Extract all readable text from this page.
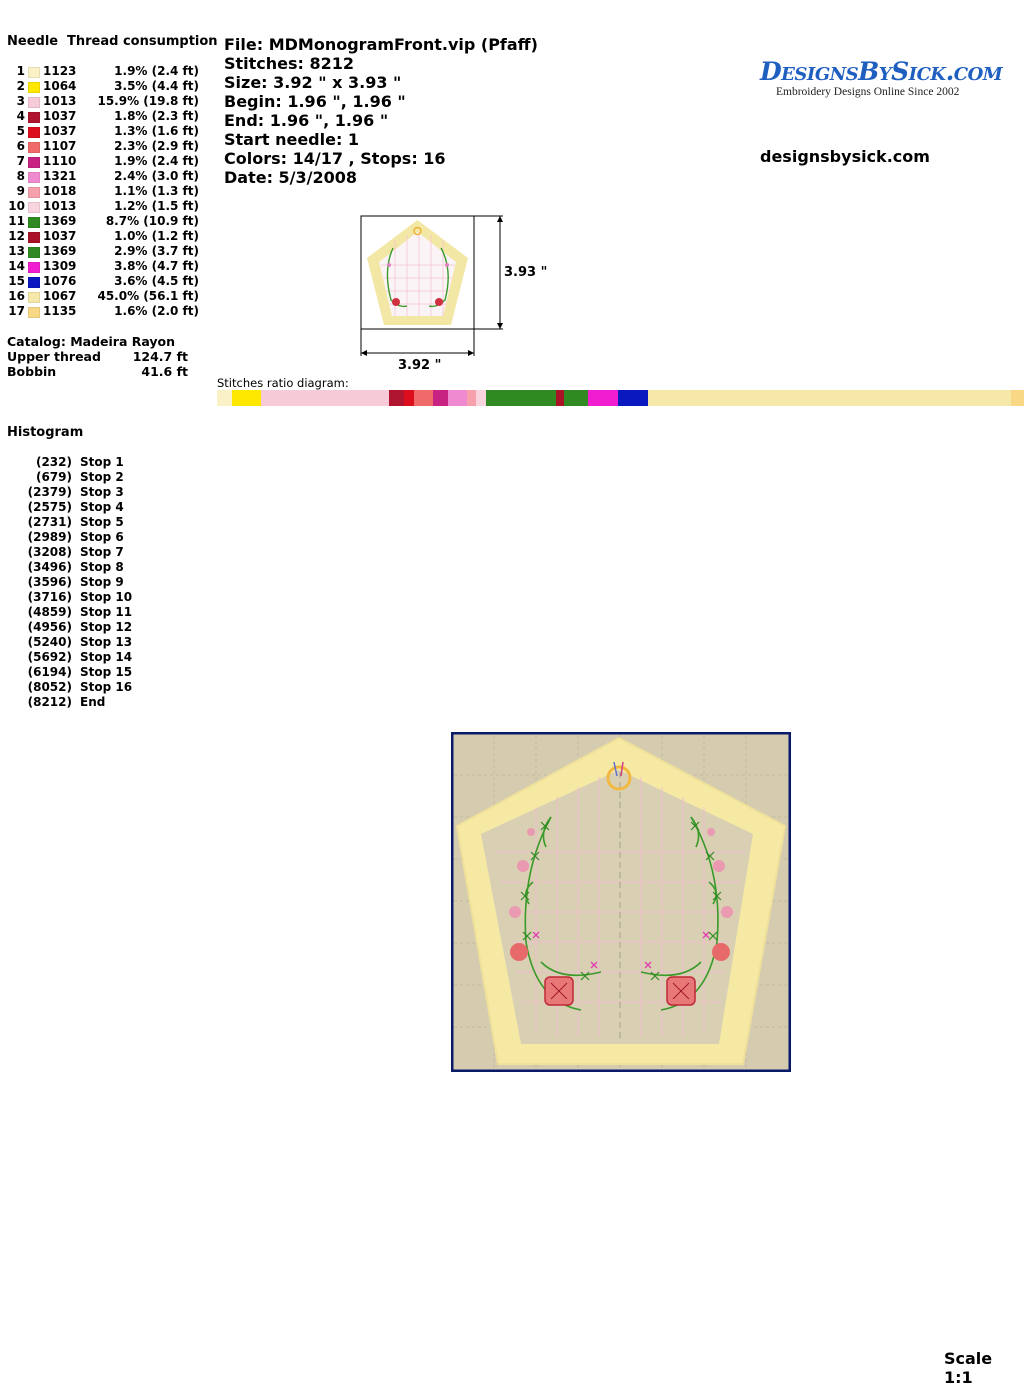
Needle Thread consumption
1 1123	1.9% (2.4 ft)
2 1064	3.5% (4.4 ft)
3 1013 15.9% (19.8 ft)
4 1037	1.8% (2.3 ft)
5 1037	1.3% (1.6 ft)
6 1107	2.3% (2.9 ft)
7 1110	1.9% (2.4 ft)
8 1321	2.4% (3.0 ft)
9 1018	1.1% (1.3 ft)
10 1013	1.2% (1.5 ft)
11 1369	8.7% (10.9 ft)
12 1037	1.0% (1.2 ft)
13 1369	2.9% (3.7 ft)
14 1309	3.8% (4.7 ft)
15 1076	3.6% (4.5 ft)
16 1067 45.0% (56.1 ft)
17 1135	1.6% (2.0 ft)
Catalog: Madeira Rayon
Upper thread	124.7 ft
Bobbin	41.6 ft
File: MDMonogramFront.vip (Pfaff)
Stitches: 8212
Size: 3.92 " x 3.93 "
Begin: 1.96 ", 1.96 "
End: 1.96 ", 1.96 "
Start needle: 1
Colors: 14/17 , Stops: 16
Date: 5/3/2008
DesignsBySick.com
Embroidery Designs Online Since 2002
designsbysick.com
3.93 "
3.92 "
Stitches ratio diagram:
Histogram
(232) Stop 1
(679) Stop 2
(2379) Stop 3
(2575) Stop 4
(2731) Stop 5
(2989) Stop 6
(3208) Stop 7
(3496) Stop 8
(3596) Stop 9
(3716) Stop 10
(4859) Stop 11
(4956) Stop 12
(5240) Stop 13
(5692) Stop 14
(6194) Stop 15
(8052) Stop 16
(8212) End
Scale 1:1
